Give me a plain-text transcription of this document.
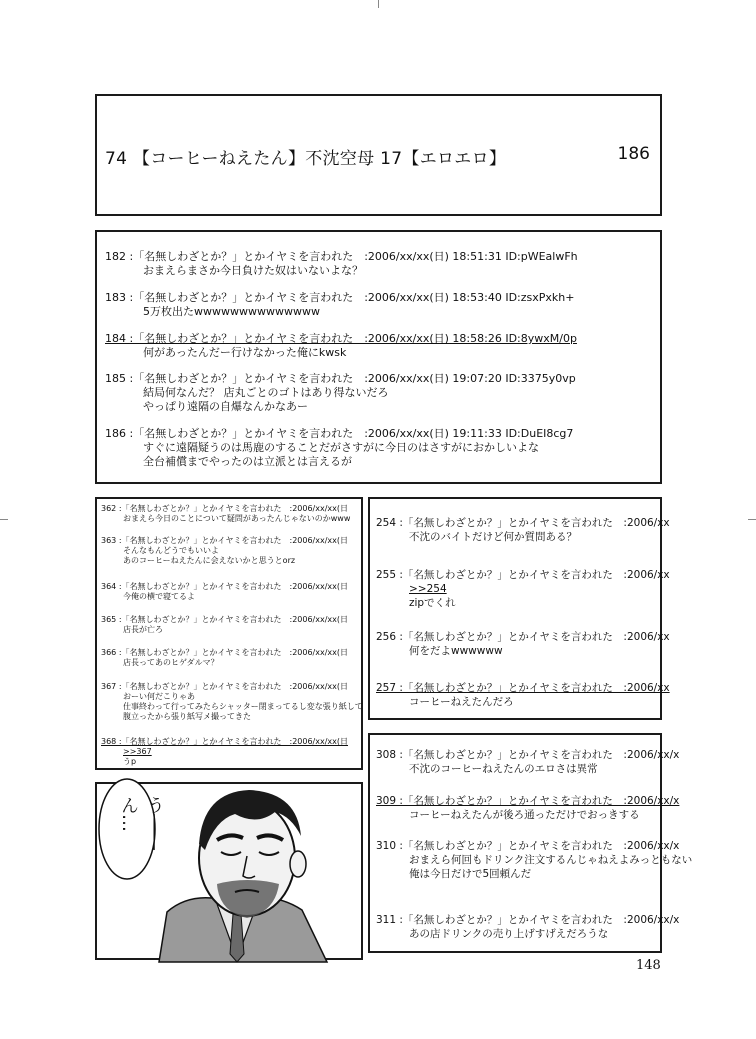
74 【コーヒーねえたん】不沈空母 17【エロエロ】	186
182 :「名無しわざとか？」とかイヤミを言われた　:2006/xx/xx(日) 18:51:31 ID:pWEalwFh
おまえらまさか今日負けた奴はいないよな？
183 :「名無しわざとか？」とかイヤミを言われた　:2006/xx/xx(日) 18:53:40 ID:zsxPxkh+
5万枚出たwwwwwwwwwwwwww
184 :「名無しわざとか？」とかイヤミを言われた　:2006/xx/xx(日) 18:58:26 ID:8ywxM/0p
何があったんだー行けなかった俺にkwsk
185 :「名無しわざとか？」とかイヤミを言われた　:2006/xx/xx(日) 19:07:20 ID:3375y0vp
結局何なんだ？ 店丸ごとのゴトはあり得ないだろ
やっぱり遠隔の自爆なんかなあー
186 :「名無しわざとか？」とかイヤミを言われた　:2006/xx/xx(日) 19:11:33 ID:DuEI8cg7
すぐに遠隔疑うのは馬鹿のすることだがさすがに今日のはさすがにおかしいよな
全台補償までやったのは立派とは言えるが
362 :「名無しわざとか？」とかイヤミを言われた　:2006/xx/xx(日
おまえら今日のことについて疑問があったんじゃないのかwww
363 :「名無しわざとか？」とかイヤミを言われた　:2006/xx/xx(日
そんなもんどうでもいいよ
あのコーヒーねえたんに会えないかと思うとorz
364 :「名無しわざとか？」とかイヤミを言われた　:2006/xx/xx(日
今俺の横で寝てるよ
365 :「名無しわざとか？」とかイヤミを言われた　:2006/xx/xx(日
店長が亡ろ
366 :「名無しわざとか？」とかイヤミを言われた　:2006/xx/xx(日
店長ってあのヒゲダルマ？
367 :「名無しわざとか？」とかイヤミを言われた　:2006/xx/xx(日
おーい何だこりゃあ
仕事終わって行ってみたらシャッター閉まってるし変な張り紙して
腹立ったから張り紙写メ撮ってきた
368 :「名無しわざとか？」とかイヤミを言われた　:2006/xx/xx(日
>>367
うp
254 :「名無しわざとか？」とかイヤミを言われた　:2006/xx
不沈のバイトだけど何か質問ある？
255 :「名無しわざとか？」とかイヤミを言われた　:2006/xx
>>254
zipでくれ
256 :「名無しわざとか？」とかイヤミを言われた　:2006/xx
何をだよwwwwww
257 :「名無しわざとか？」とかイヤミを言われた　:2006/xx
コーヒーねえたんだろ
308 :「名無しわざとか？」とかイヤミを言われた　:2006/xx/x
不沈のコーヒーねえたんのエロさは異常
309 :「名無しわざとか？」とかイヤミを言われた　:2006/xx/x
コーヒーねえたんが後ろ通っただけでおっきする
310 :「名無しわざとか？」とかイヤミを言われた　:2006/xx/x
おまえら何回もドリンク注文するんじゃねえよみっともない
俺は今日だけで5回頼んだ
311 :「名無しわざとか？」とかイヤミを言われた　:2006/xx/x
あの店ドリンクの売り上げすげえだろうな
う――ん…
148
